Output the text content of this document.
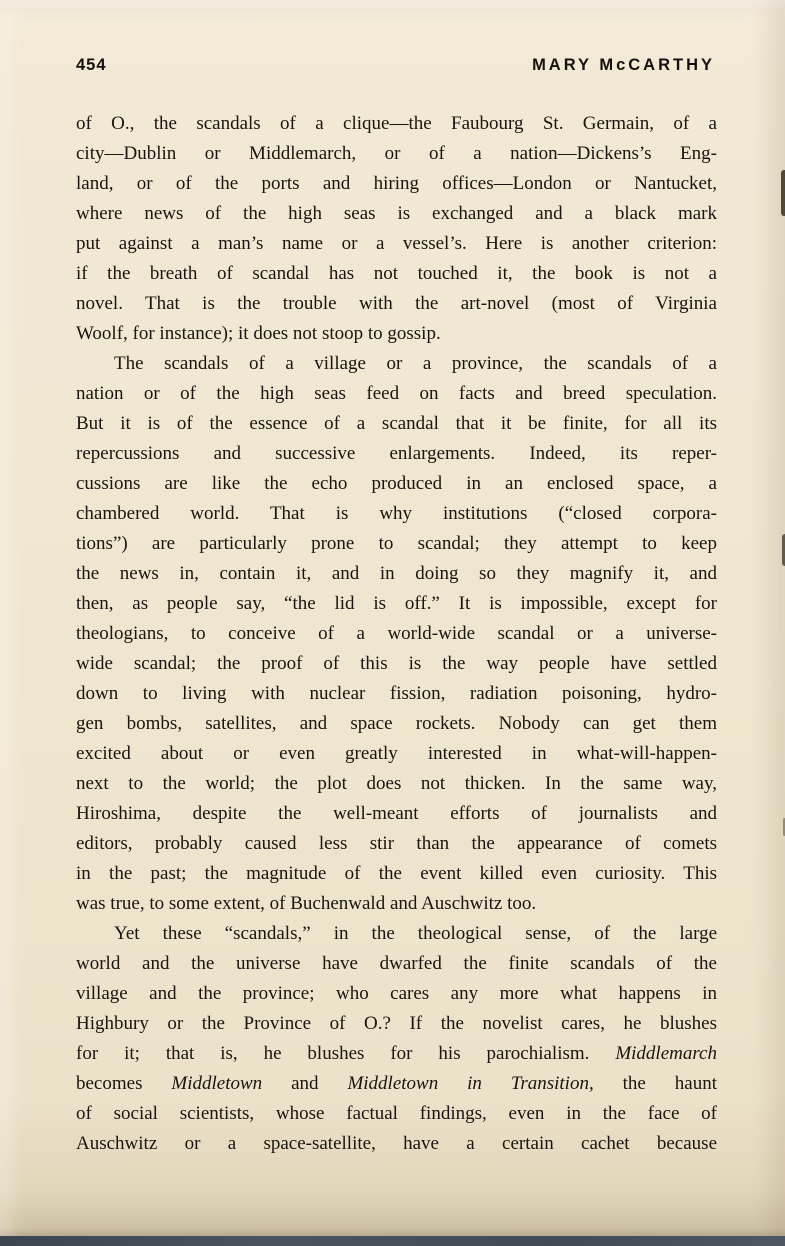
454	MARY McCARTHY
of O., the scandals of a clique—the Faubourg St. Germain, of a
city—Dublin or Middlemarch, or of a nation—Dickens’s Eng-
land, or of the ports and hiring offices—London or Nantucket,
where news of the high seas is exchanged and a black mark
put against a man’s name or a vessel’s. Here is another criterion:
if the breath of scandal has not touched it, the book is not a
novel. That is the trouble with the art-novel (most of Virginia
Woolf, for instance); it does not stoop to gossip.
The scandals of a village or a province, the scandals of a
nation or of the high seas feed on facts and breed speculation.
But it is of the essence of a scandal that it be finite, for all its
repercussions and successive enlargements. Indeed, its reper-
cussions are like the echo produced in an enclosed space, a
chambered world. That is why institutions (“closed corpora-
tions”) are particularly prone to scandal; they attempt to keep
the news in, contain it, and in doing so they magnify it, and
then, as people say, “the lid is off.” It is impossible, except for
theologians, to conceive of a world-wide scandal or a universe-
wide scandal; the proof of this is the way people have settled
down to living with nuclear fission, radiation poisoning, hydro-
gen bombs, satellites, and space rockets. Nobody can get them
excited about or even greatly interested in what-will-happen-
next to the world; the plot does not thicken. In the same way,
Hiroshima, despite the well-meant efforts of journalists and
editors, probably caused less stir than the appearance of comets
in the past; the magnitude of the event killed even curiosity. This
was true, to some extent, of Buchenwald and Auschwitz too.
Yet these “scandals,” in the theological sense, of the large
world and the universe have dwarfed the finite scandals of the
village and the province; who cares any more what happens in
Highbury or the Province of O.? If the novelist cares, he blushes
for it; that is, he blushes for his parochialism. Middlemarch
becomes Middletown and Middletown in Transition, the haunt
of social scientists, whose factual findings, even in the face of
Auschwitz or a space-satellite, have a certain cachet because
